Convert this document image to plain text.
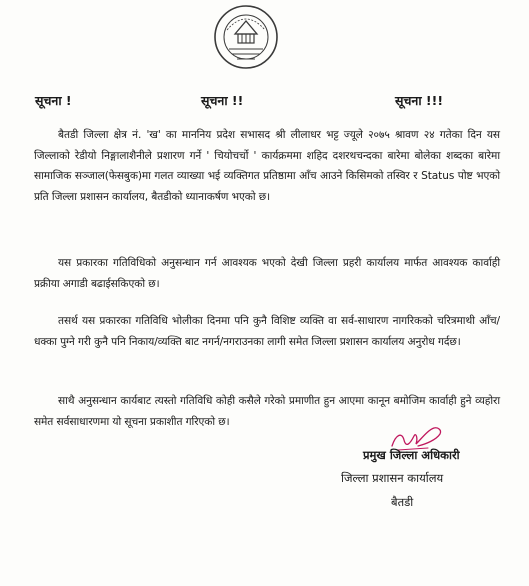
सूचना !	सूचना !!	सूचना !!!

बैतडी जिल्ला क्षेत्र नं. 'ख' का माननिय प्रदेश सभासद श्री लीलाधर भट्ट ज्यूले २०७५ श्रावण २४ गतेका दिन यस जिल्लाको रेडीयो निङ्गालाशैनीले प्रशारण गर्ने ' चियोचर्चो ' कार्यक्रममा शहिद दशरथचन्दका बारेमा बोलेका शब्दका बारेमा सामाजिक सञ्जाल(फेसबुक)मा गलत व्याख्या भई व्यक्तिगत प्रतिष्ठामा आँच आउने किसिमको तस्विर र Status पोष्ट भएको प्रति जिल्ला प्रशासन कार्यालय, बैतडीको ध्यानाकर्षण भएको छ।

यस प्रकारका गतिविधिको अनुसन्धान गर्न आवश्यक भएको देखी जिल्ला प्रहरी कार्यालय मार्फत आवश्यक कार्वाही प्रक्रीया अगाडी बढाईसकिएको छ।

तसर्थ यस प्रकारका गतिविधि भोलीका दिनमा पनि कुनै विशिष्ट व्यक्ति वा सर्व-साधारण नागरिकको चरित्रमाथी आँच/धक्का पुग्ने गरी कुनै पनि निकाय/व्यक्ति बाट नगर्न/नगराउनका लागी समेत जिल्ला प्रशासन कार्यालय अनुरोध गर्दछ।

साथै अनुसन्धान कार्यबाट त्यस्तो गतिविधि कोही कसैले गरेको प्रमाणीत हुन आएमा कानून बमोजिम कार्वाही हुने व्यहोरा समेत सर्वसाधारणमा यो सूचना प्रकाशीत गरिएको छ।

प्रमुख जिल्ला अधिकारी
जिल्ला प्रशासन कार्यालय
बैतडी
